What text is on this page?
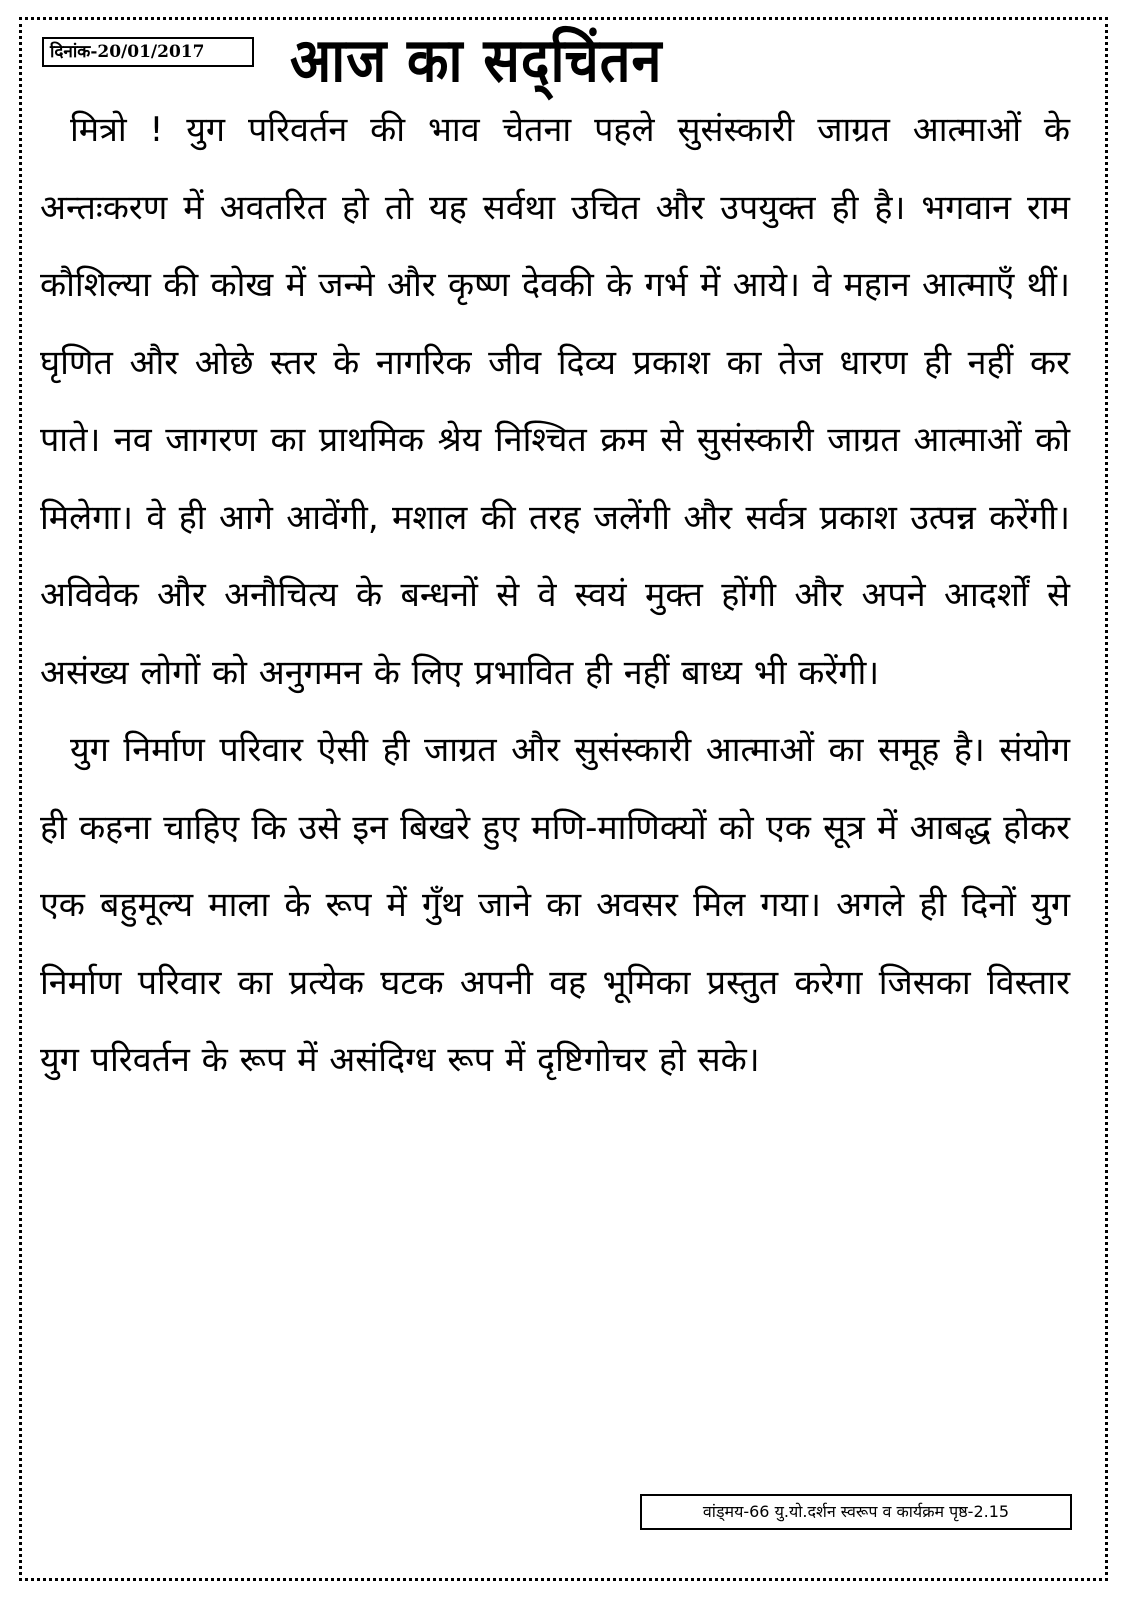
दिनांक-20/01/2017	आज का सद्चिंतन

मित्रो ! युग परिवर्तन की भाव चेतना पहले सुसंस्कारी जाग्रत आत्माओं के अन्तःकरण में अवतरित हो तो यह सर्वथा उचित और उपयुक्त ही है। भगवान राम कौशिल्या की कोख में जन्मे और कृष्ण देवकी के गर्भ में आये। वे महान आत्माएँ थीं। घृणित और ओछे स्तर के नागरिक जीव दिव्य प्रकाश का तेज धारण ही नहीं कर पाते। नव जागरण का प्राथमिक श्रेय निश्चित क्रम से सुसंस्कारी जाग्रत आत्माओं को मिलेगा। वे ही आगे आवेंगी, मशाल की तरह जलेंगी और सर्वत्र प्रकाश उत्पन्न करेंगी। अविवेक और अनौचित्य के बन्धनों से वे स्वयं मुक्त होंगी और अपने आदर्शों से असंख्य लोगों को अनुगमन के लिए प्रभावित ही नहीं बाध्य भी करेंगी।

युग निर्माण परिवार ऐसी ही जाग्रत और सुसंस्कारी आत्माओं का समूह है। संयोग ही कहना चाहिए कि उसे इन बिखरे हुए मणि-माणिक्यों को एक सूत्र में आबद्ध होकर एक बहुमूल्य माला के रूप में गुँथ जाने का अवसर मिल गया। अगले ही दिनों युग निर्माण परिवार का प्रत्येक घटक अपनी वह भूमिका प्रस्तुत करेगा जिसका विस्तार युग परिवर्तन के रूप में असंदिग्ध रूप में दृष्टिगोचर हो सके।

वांड्मय-66 यु.यो.दर्शन स्वरूप व कार्यक्रम पृष्ठ-2.15
